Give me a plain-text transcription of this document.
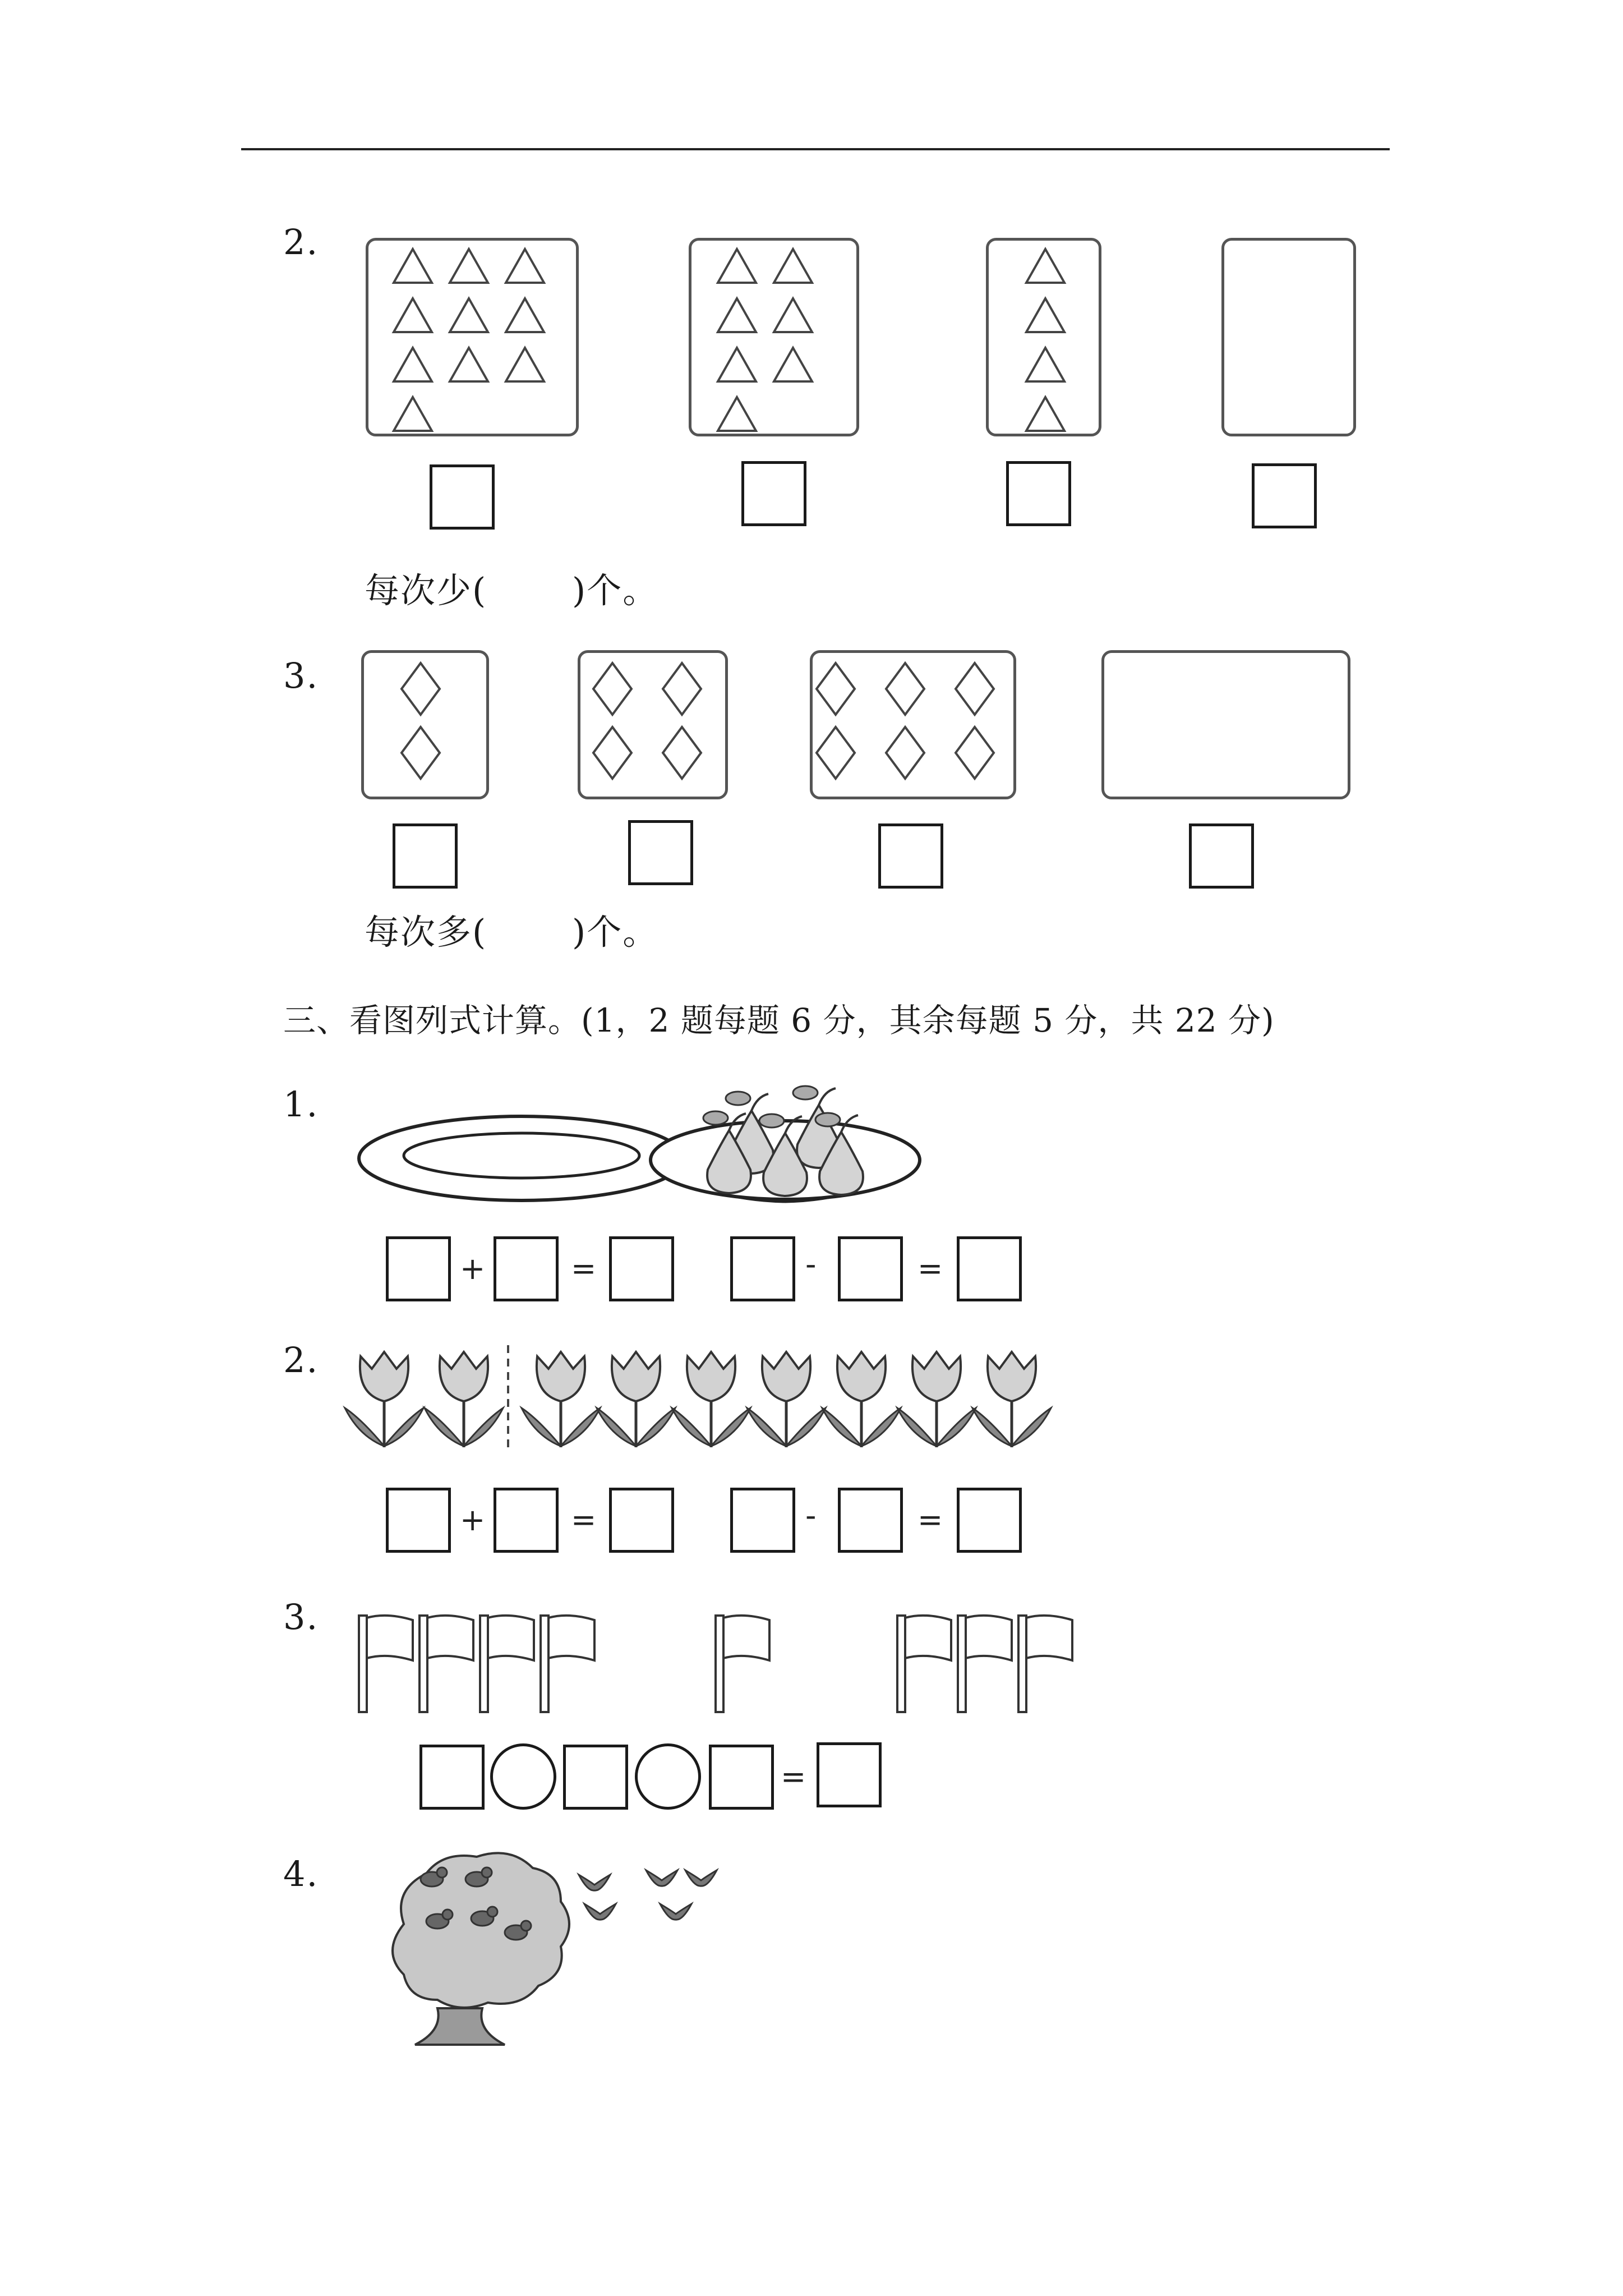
2.
每次少( )个。
3.
每次多( )个。
三、看图列式计算。(1，2 题每题 6 分，其余每题 5 分，共 22 分)
1.
+	=	-	=
2.
+	=	-	=
3.
=
4.
